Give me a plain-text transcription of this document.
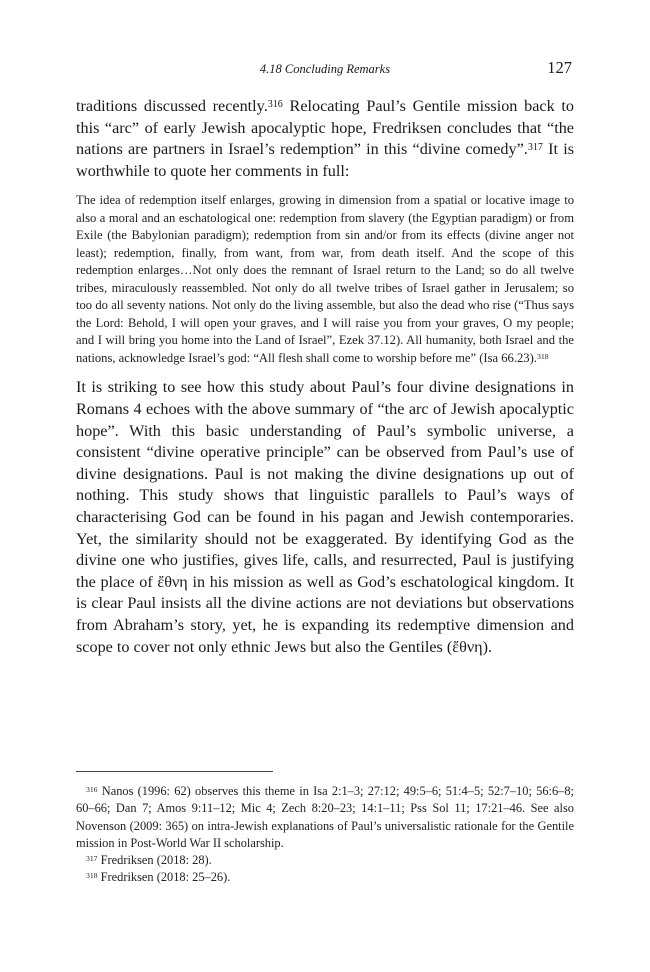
4.18 Concluding Remarks	127

traditions discussed recently.$^{316}$ Relocating Paul’s Gentile mission back to this “arc” of early Jewish apocalyptic hope, Fredriksen concludes that “the nations are partners in Israel’s redemption” in this “divine comedy”.$^{317}$ It is worthwhile to quote her comments in full:

The idea of redemption itself enlarges, growing in dimension from a spatial or locative image to also a moral and an eschatological one: redemption from slavery (the Egyptian paradigm) or from Exile (the Babylonian paradigm); redemption from sin and/or from its effects (divine anger not least); redemption, finally, from want, from war, from death itself. And the scope of this redemption enlarges…Not only does the remnant of Israel return to the Land; so do all twelve tribes, miraculously reassembled. Not only do all twelve tribes of Israel gather in Jerusalem; so too do all seventy nations. Not only do the living assemble, but also the dead who rise (“Thus says the Lord: Behold, I will open your graves, and I will raise you from your graves, O my people; and I will bring you home into the Land of Israel”, Ezek 37.12). All humanity, both Israel and the nations, acknowledge Israel’s god: “All flesh shall come to worship before me” (Isa 66.23).$^{318}$

It is striking to see how this study about Paul’s four divine designations in Romans 4 echoes with the above summary of “the arc of Jewish apocalyptic hope”. With this basic understanding of Paul’s symbolic universe, a consistent “divine operative principle” can be observed from Paul’s use of divine designations. Paul is not making the divine designations up out of nothing. This study shows that linguistic parallels to Paul’s ways of characterising God can be found in his pagan and Jewish contemporaries. Yet, the similarity should not be exaggerated. By identifying God as the divine one who justifies, gives life, calls, and resurrected, Paul is justifying the place of ἔθνη in his mission as well as God’s eschatological kingdom. It is clear Paul insists all the divine actions are not deviations but observations from Abraham’s story, yet, he is expanding its redemptive dimension and scope to cover not only ethnic Jews but also the Gentiles (ἔθνη).

$^{316}$ Nanos (1996: 62) observes this theme in Isa 2:1–3; 27:12; 49:5–6; 51:4–5; 52:7–10; 56:6–8; 60–66; Dan 7; Amos 9:11–12; Mic 4; Zech 8:20–23; 14:1–11; Pss Sol 11; 17:21–46. See also Novenson (2009: 365) on intra-Jewish explanations of Paul’s universalistic rationale for the Gentile mission in Post-World War II scholarship.

$^{317}$ Fredriksen (2018: 28).

$^{318}$ Fredriksen (2018: 25–26).
